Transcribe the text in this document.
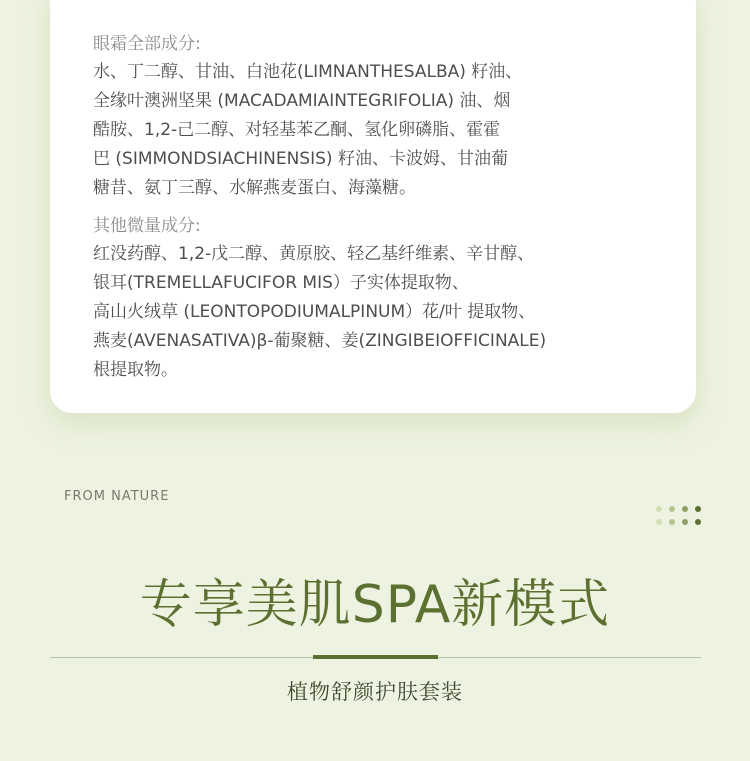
眼霜全部成分:
水、丁二醇、甘油、白池花(LIMNANTHESALBA) 籽油、
全缘叶澳洲坚果 (MACADAMIAINTEGRIFOLIA) 油、烟
酷胺、1,2-己二醇、对轻基苯乙酮、氢化卵磷脂、霍霍
巴 (SIMMONDSIACHINENSIS) 籽油、卡波姆、甘油葡
糖昔、氨丁三醇、水解燕麦蛋白、海藻糖。
其他微量成分:
红没药醇、1,2-戊二醇、黄原胶、轻乙基纤维素、辛甘醇、
银耳(TREMELLAFUCIFOR MIS）子实体提取物、
高山火绒草 (LEONTOPODIUMALPINUM）花/叶 提取物、
燕麦(AVENASATIVA)β-葡聚糖、姜(ZINGIBEIOFFICINALE)
根提取物。
FROM NATURE
专享美肌SPA新模式
植物舒颜护肤套装
